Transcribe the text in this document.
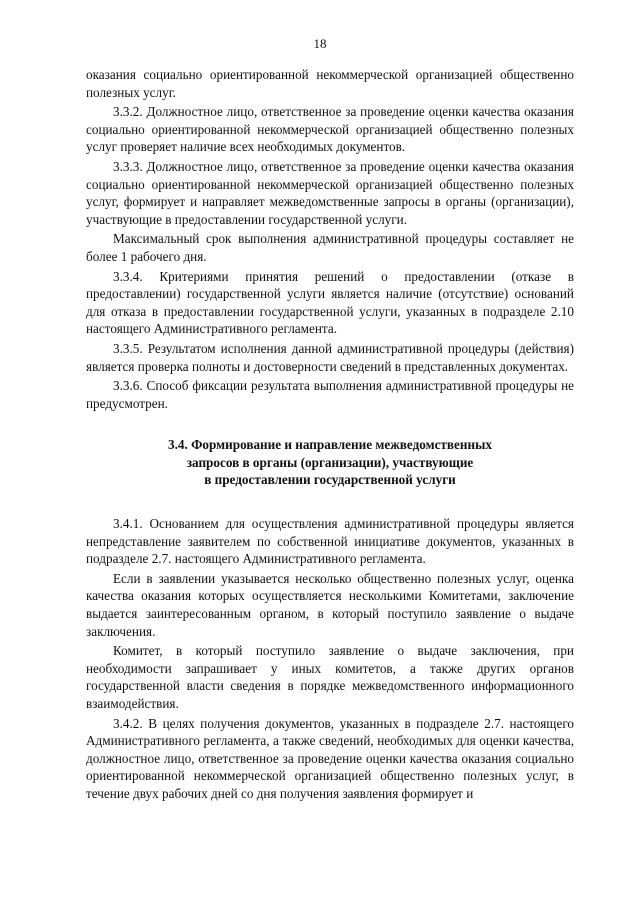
18

оказания социально ориентированной некоммерческой организацией общественно полезных услуг.

3.3.2. Должностное лицо, ответственное за проведение оценки качества оказания социально ориентированной некоммерческой организацией общественно полезных услуг проверяет наличие всех необходимых документов.

3.3.3. Должностное лицо, ответственное за проведение оценки качества оказания социально ориентированной некоммерческой организацией общественно полезных услуг, формирует и направляет межведомственные запросы в органы (организации), участвующие в предоставлении государственной услуги.

Максимальный срок выполнения административной процедуры составляет не более 1 рабочего дня.

3.3.4. Критериями принятия решений о предоставлении (отказе в предоставлении) государственной услуги является наличие (отсутствие) оснований для отказа в предоставлении государственной услуги, указанных в подразделе 2.10 настоящего Административного регламента.

3.3.5. Результатом исполнения данной административной процедуры (действия) является проверка полноты и достоверности сведений в представленных документах.

3.3.6. Способ фиксации результата выполнения административной процедуры не предусмотрен.

3.4. Формирование и направление межведомственных
запросов в органы (организации), участвующие
в предоставлении государственной услуги

3.4.1. Основанием для осуществления административной процедуры является непредставление заявителем по собственной инициативе документов, указанных в подразделе 2.7. настоящего Административного регламента.

Если в заявлении указывается несколько общественно полезных услуг, оценка качества оказания которых осуществляется несколькими Комитетами, заключение выдается заинтересованным органом, в который поступило заявление о выдаче заключения.

Комитет, в который поступило заявление о выдаче заключения, при необходимости запрашивает у иных комитетов, а также других органов государственной власти сведения в порядке межведомственного информационного взаимодействия.

3.4.2. В целях получения документов, указанных в подразделе 2.7. настоящего Административного регламента, а также сведений, необходимых для оценки качества, должностное лицо, ответственное за проведение оценки качества оказания социально ориентированной некоммерческой организацией общественно полезных услуг, в течение двух рабочих дней со дня получения заявления формирует и
